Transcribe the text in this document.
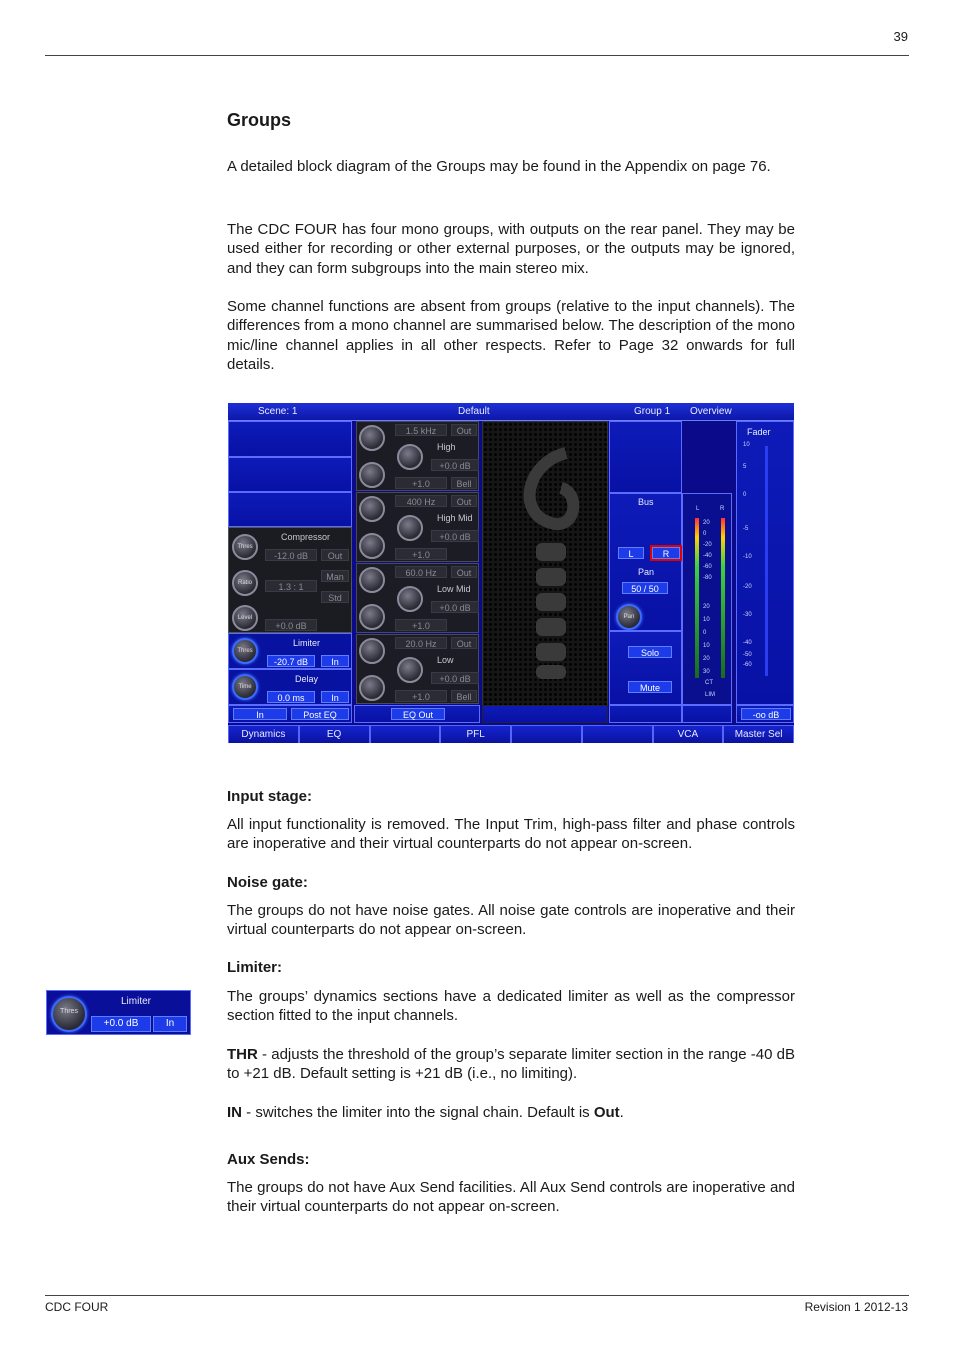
39
Groups
A detailed block diagram of the Groups may be found in the Appendix on page 76.
The CDC FOUR has four mono groups, with outputs on the rear panel. They may be used either for recording or other external purposes, or the outputs may be ignored, and they can form subgroups into the main stereo mix.
Some channel functions are absent from groups (relative to the input channels). The differences from a mono channel are summarised below. The description of the mono mic/line channel applies in all other respects. Refer to Page 32 onwards for full details.
Scene: 1	Default	Group 1 Overview
Compressor
Thres
-12.0 dB	Out
Ratio
Man
1.3 : 1
Std
Level
+0.0 dB
Limiter
Thres
-20.7 dB	In
Delay
Time
0.0 ms	In
In	Post EQ
1.5 kHz	Out
High
+0.0 dB
+1.0	Bell
400 Hz	Out
High Mid
+0.0 dB
+1.0
60.0 Hz	Out
Low Mid
+0.0 dB
+1.0
20.0 Hz	Out
Low
+0.0 dB
+1.0	Bell
EQ Out
Bus
L	R
Pan
50 / 50
Pan
Solo
Mute
L	R
20
0
-20
-40
-60
-80
20
10
0
10
20
30
CT
LIM
Fader
10
5
0
-5
-10
-20
-30
-40
-50
-60
-oo dB
Dynamics	EQ	PFL	VCA	Master Sel
Input stage:
All input functionality is removed. The Input Trim, high-pass filter and phase controls are inoperative and their virtual counterparts do not appear on-screen.
Noise gate:
The groups do not have noise gates. All noise gate controls are inoperative and their virtual counterparts do not appear on-screen.
Limiter:
The groups’ dynamics sections have a dedicated limiter as well as the compressor section fitted to the input channels.
THR - adjusts the threshold of the group’s separate limiter section in the range -40 dB to +21 dB. Default setting is +21 dB (i.e., no limiting).
IN - switches the limiter into the signal chain. Default is Out.
Aux Sends:
The groups do not have Aux Send facilities. All Aux Send controls are inoperative and their virtual counterparts do not appear on-screen.
Limiter
Thres
+0.0 dB	In
CDC FOUR	Revision 1 2012-13
